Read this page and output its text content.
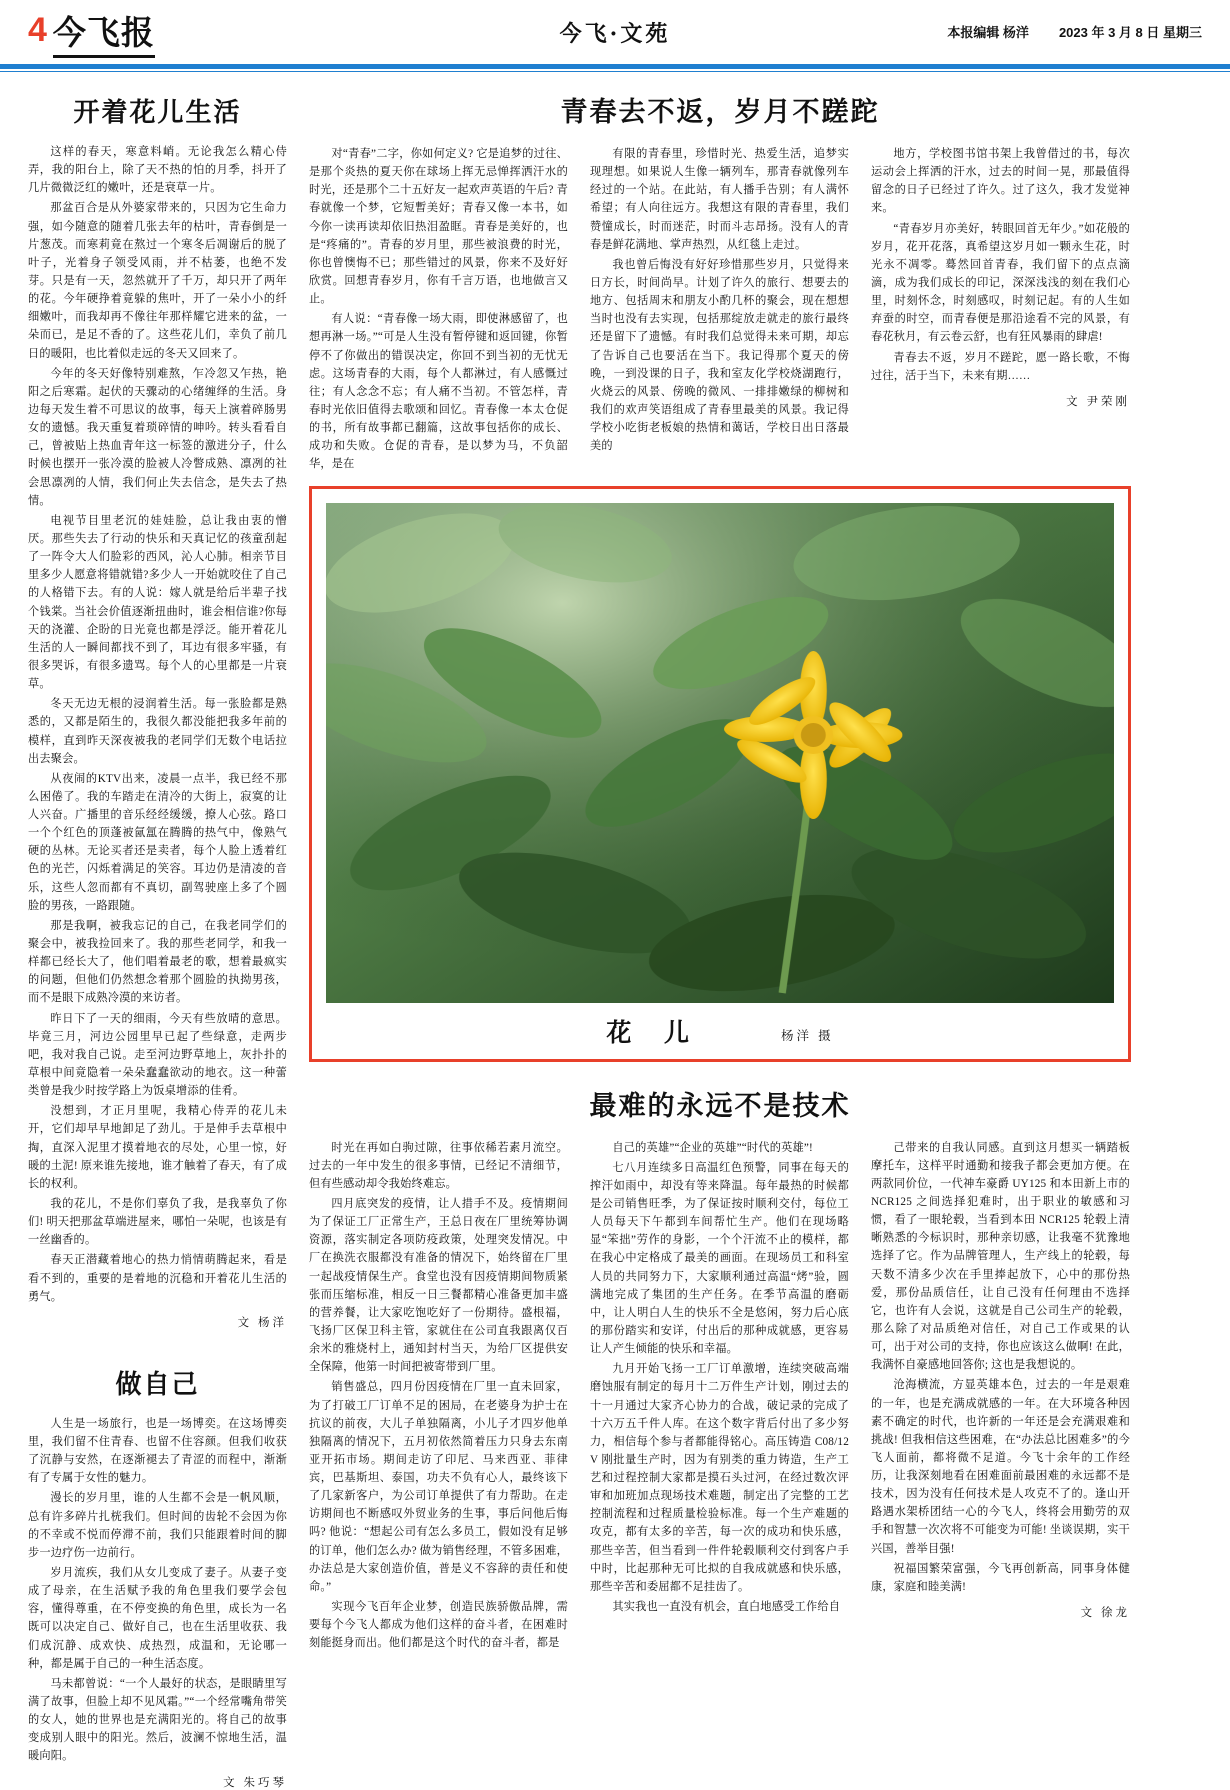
4 今飞报	今飞·文苑	本报编辑 杨洋 2023 年 3 月 8 日 星期三
开着花儿生活

这样的春天，寒意料峭。无论我怎么精心侍弄，我的阳台上，除了天不热的怕的月季，抖开了几片微微泛红的嫩叶，还是衰草一片。

那盆百合是从外婆家带来的，只因为它生命力强，如今随意的随着几张去年的枯叶，青春倒是一片葱茂。而寒莉竟在熬过一个寒冬后凋谢后的脱了叶子，光着身子领受风雨，并不枯萎，也绝不发芽。只是有一天，忽然就开了千万，却只开了两年的花。今年硬挣着竟躲的焦叶，开了一朵小小的纤细嫩叶，而我却再不像往年那样耀它进来的盆，一朵而已，是足不香的了。这些花儿们，幸负了前几日的暖阳，也比着似走远的冬天又回来了。

今年的冬天好像特别难熬，乍冷忽又乍热，艳阳之后寒霜。起伏的天骤动的心绪缠绎的生活。身边每天发生着不可思议的故事，每天上演着碎肠男女的遗憾。我天重复着琐碎情的呻吟。转头看看自己，曾被贴上热血青年这一标签的激进分子，什么时候也摆开一张冷漠的脸被人冷瞥成熟、凛冽的社会思凛冽的人情，我们何止失去信念，是失去了热情。

电视节目里老沉的娃娃脸，总让我由衷的憎厌。那些失去了行动的快乐和天真记忆的孩童刮起了一阵令大人们脸彩的西风，沁人心肺。相亲节目里多少人愿意将错就错?多少人一开始就咬住了自己的人格错下去。有的人说：嫁人就是给后半辈子找个钱棠。当社会价值逐渐扭曲时，谁会相信谁?你每天的浇灌、企盼的日光竟也都是浮泛。能开着花儿生活的人一瞬间都找不到了，耳边有很多牢骚，有很多哭诉，有很多遗骂。每个人的心里都是一片衰草。

冬天无边无根的浸润着生活。每一张脸都是熟悉的，又都是陌生的，我很久都没能把我多年前的模样，直到昨天深夜被我的老同学们无数个电话拉出去聚会。

从夜闹的KTV出来，凌晨一点半，我已经不那么困倦了。我的车踏走在清冷的大街上，寂寞的让人兴奋。广播里的音乐经经缓缓，撩人心弦。路口一个个红色的顶蓬被氤氲在腾腾的热气中，像熟气硬的丛林。无论买者还是卖者，每个人脸上透着红色的光芒，闪烁着满足的笑容。耳边仍是清凌的音乐，这些人忽而都有不真切，副驾驶座上多了个圆脸的男孩，一路跟随。

那是我啊，被我忘记的自己，在我老同学们的聚会中，被我捡回来了。我的那些老同学，和我一样都已经长大了，他们唱着最老的歌，想着最疯实的问题，但他们仍然想念着那个圆脸的执拗男孩，而不是眼下成熟冷漠的来访者。

昨日下了一天的细雨，今天有些放晴的意思。毕竟三月，河边公园里早已起了些绿意，走两步吧，我对我自己说。走至河边野草地上，灰扑扑的草根中间竟隐着一朵朵蠢蠢欲动的地衣。这一种蕾类曾是我少时按学路上为饭桌增添的佳肴。

没想到，才正月里呢，我精心侍弄的花儿未开，它们却早早地卸足了劲儿。于是伸手去草根中掏，直深入泥里才摸着地衣的尽处，心里一惊，好暖的土泥! 原来谁先接地，谁才触着了春天，有了成长的权利。

我的花儿，不是你们辜负了我，是我辜负了你们! 明天把那盆草端进屋来，哪怕一朵呢，也该是有一丝幽香的。

春天正潜藏着地心的热力悄情萌腾起来，看是看不到的，重要的是着地的沉稳和开着花儿生活的勇气。

文 杨洋

做自己

人生是一场旅行，也是一场博奕。在这场博奕里，我们留不住青春、也留不住容颜。但我们收获了沉静与安然，在逐渐褪去了青涩的而程中，渐渐有了专属于女性的魅力。

漫长的岁月里，谁的人生都不会是一帆风顺，总有许多碎片扎桄我们。但时间的齿轮不会因为你的不幸或不悦而停滞不前，我们只能跟着时间的脚步一边疗伤一边前行。

岁月流疾，我们从女儿变成了妻子。从妻子变成了母亲，在生活赋予我的角色里我们要学会包容，懂得尊重，在不停变换的角色里，成长为一名既可以决定自己、做好自己，也在生活里收获、我们成沉静、成欢快、成热烈，成温和，无论哪一种，都是属于自己的一种生活态度。

马未都曾说：“一个人最好的状态，是眼睛里写满了故事，但脸上却不见风霜。”“一个经常嘴角带笑的女人，她的世界也是充满阳光的。将自己的故事变成别人眼中的阳光。然后，波澜不惊地生活，温暖向阳。

文 朱巧琴

青春去不返，岁月不蹉跎

对“青春”二字，你如何定义? 它是追梦的过往、是那个炎热的夏天你在球场上挥无忌惮挥洒汗水的时光，还是那个二十五好友一起欢声英语的午后? 青春就像一个梦，它短暫美好；青春又像一本书，如今你一读再读却依旧热泪盈眶。青春是美好的，也是“疼痛的”。青春的岁月里，那些被浪费的时光，你也曾懊悔不已；那些错过的风景，你来不及好好欣赏。回想青春岁月，你有千言万语，也地做言又止。

有人说：“青春像一场大雨，即使淋感留了，也想再淋一场。”“可是人生没有暂停键和返回键，你暂停不了你做出的错误决定，你回不到当初的无忧无虑。这场青春的大雨，每个人都淋过，有人感慨过往；有人念念不忘；有人痛不当初。不管怎样，青春时光依旧值得去歌颂和回忆。青春像一本太仓促的书，所有故事都已翻篇，这故事包括你的成长、成功和失败。仓促的青春，是以梦为马，不负韶华，是在

有限的青春里，珍惜时光、热爱生活，追梦实现理想。如果说人生像一辆列车，那青春就像列车经过的一个站。在此站，有人播手告别；有人满怀希望；有人向往远方。我想这有限的青春里，我们赞憧成长，时而迷茫，时而斗志昂扬。没有人的青春是鲜花满地、掌声热烈，从红毯上走过。

我也曾后悔没有好好珍惜那些岁月，只觉得来日方长，时间尚早。计划了许久的旅行、想要去的地方、包括周末和朋友小酌几杯的聚会，现在想想当时也没有去实现，包括那绽放走就走的旅行最终还是留下了遗憾。有时我们总觉得未来可期，却忘了告诉自己也要活在当下。我记得那个夏天的傍晚，一到没课的日子，我和室友化学校烧湖跑行，火烧云的风景、傍晚的微风、一排排嫩绿的柳树和我们的欢声笑语组成了青春里最美的风景。我记得学校小吃街老板娘的热情和蔼话，学校日出日落最美的

地方，学校图书馆书架上我曾借过的书，每次运动会上挥洒的汗水，过去的时间一晃，那最值得留念的日子已经过了许久。过了这久，我才发觉神来。

“青春岁月亦美好，转眼回首无年少。”如花般的岁月，花开花落，真希望这岁月如一颗永生花，时光永不凋零。蓦然回首青春，我们留下的点点滴滴，成为我们成长的印记，深深浅浅的刻在我们心里，时刻怀念，时刻感叹，时刻记起。有的人生如弃蚕的时空，而青春便是那沿途看不完的风景，有春花秋月，有云卷云舒，也有狂风暴雨的肆虐!

青春去不返，岁月不蹉跎，愿一路长歌，不悔过往，活于当下，未来有期……

文 尹荣刚

花 儿	杨洋 摄
最难的永远不是技术

时光在再如白驹过隙，往事依稀若素月流空。过去的一年中发生的很多事情，已经记不清细节，但有些感动却令我始终难忘。

四月底突发的疫情，让人措手不及。疫情期间为了保证工厂正常生产，王总日夜在厂里统筹协调资源，落实制定各项防疫政策，处理突发情况。中厂在换洗衣服都没有准备的情况下，始终留在厂里一起战疫情保生产。食堂也没有因疫情期间物质紧张而压缩标准，相反一日三餐都精心准备更加丰盛的营养餐，让大家吃饱吃好了一份期待。盛根福，飞扬厂区保卫科主管，家就住在公司直我跟离仅百余米的雅烧村上，通知封村当天，为给厂区提供安全保障，他第一时间把被寄带到厂里。

销售盛总，四月份因疫情在厂里一直未回家，为了打破工厂订单不足的困局，在老婆身为护士在抗议的前夜，大儿子单独隔离，小儿子才四岁他单独隔离的情况下，五月初依然简着压力只身去东南亚开拓市场。期间走访了印尼、马来西亚、菲律宾，巴基斯坦、泰国，功夫不负有心人，最终该下了几家新客户，为公司订单提供了有力帮助。在走访期间也不断感叹外贸业务的生事，事后问他后悔吗? 他说：“想起公司有怎么多员工，假如没有足够的订单，他们怎么办? 做为销售经理，不管多困难，办法总是大家创造价值，普是义不容辞的责任和使命。”

实现今飞百年企业梦，创造民族骄傲品牌，需要每个今飞人都成为他们这样的奋斗者，在困难时刻能挺身而出。他们都是这个时代的奋斗者，都是

自己的英雄”“企业的英雄”“时代的英雄”!

七八月连续多日高温红色预警，同事在每天的搾汗如雨中，却没有等来降温。每年最热的时候都是公司销售旺季，为了保证按时顺利交付，每位工人员每天下午都到车间帮忙生产。他们在现场略显“笨拙”劳作的身影，一个个汗流不止的模样，都在我心中定格成了最美的画面。在现场员工和科室人员的共同努力下，大家顺利通过高温“烤”验，圆满地完成了集团的生产任务。在季节高温的磨砺中，让人明白人生的快乐不全是悠闲，努力后心底的那份踏实和安详，付出后的那种成就感，更容易让人产生倾能的快乐和幸福。

九月开始飞扬一工厂订单激增，连续突破高端磨蚀服有制定的每月十二万件生产计划，刚过去的十一月通过大家齐心协力的合战，破记录的完成了十六万五千件人库。在这个数字背后付出了多少努力，相信每个参与者都能得铭心。高压铸造 C08/12 V 刚批量生产时，因为有别类的重力铸造，生产工艺和过程控制大家都是摸石头过河，在经过数次评审和加班加点现场技术难题，制定出了完整的工艺控制流程和过程质量检验标准。每一个生产难题的攻克，都有太多的辛苦，每一次的成功和快乐感，那些辛苦，但当看到一件件轮毂顺利交付到客户手中时，比起那种无可比拟的自我成就感和快乐感，那些辛苦和委屈都不足挂齿了。

其实我也一直没有机会，直白地感受工作给自

己带来的自我认同感。直到这月想买一辆踏板摩托车，这样平时通勤和接我子都会更加方便。在两款同价位，一代神车豪爵 UY125 和本田新上市的 NCR125 之间选择犯难时，出于职业的敏感和习惯，看了一眼轮毂，当看到本田 NCR125 轮毂上清晰熟悉的今标识时，那种亲切感，让我毫不犹豫地选择了它。作为品牌管理人，生产线上的轮毂，每天数不清多少次在手里捧起放下，心中的那份热爱，那份品质信任，让自己没有任何理由不选择它，也许有人会说，这就是自己公司生产的轮毂，那么除了对品质绝对信任，对自己工作或果的认可，出于对公司的支持，你也应该这么做啊! 在此，我满怀自豪感地回答你; 这也是我想说的。

沧海横流，方显英雄本色，过去的一年是艰难的一年，也是充满成就感的一年。在大环境各种因素不确定的时代，也许新的一年还是会充满艰难和挑战! 但我相信这些困难，在“办法总比困难多”的今飞人面前，都将微不足道。今飞十余年的工作经历，让我深刻地看在困难面前最困难的永远都不是技术，因为没有任何技术是人攻克不了的。逢山开路遇水架桥团结一心的今飞人，终将会用勤劳的双手和智慧一次次将不可能变为可能! 坐谈误期，实干兴国，善举目强!

祝福国繁荣富强，今飞再创新高，同事身体健康，家庭和睦美满!

文 徐龙
